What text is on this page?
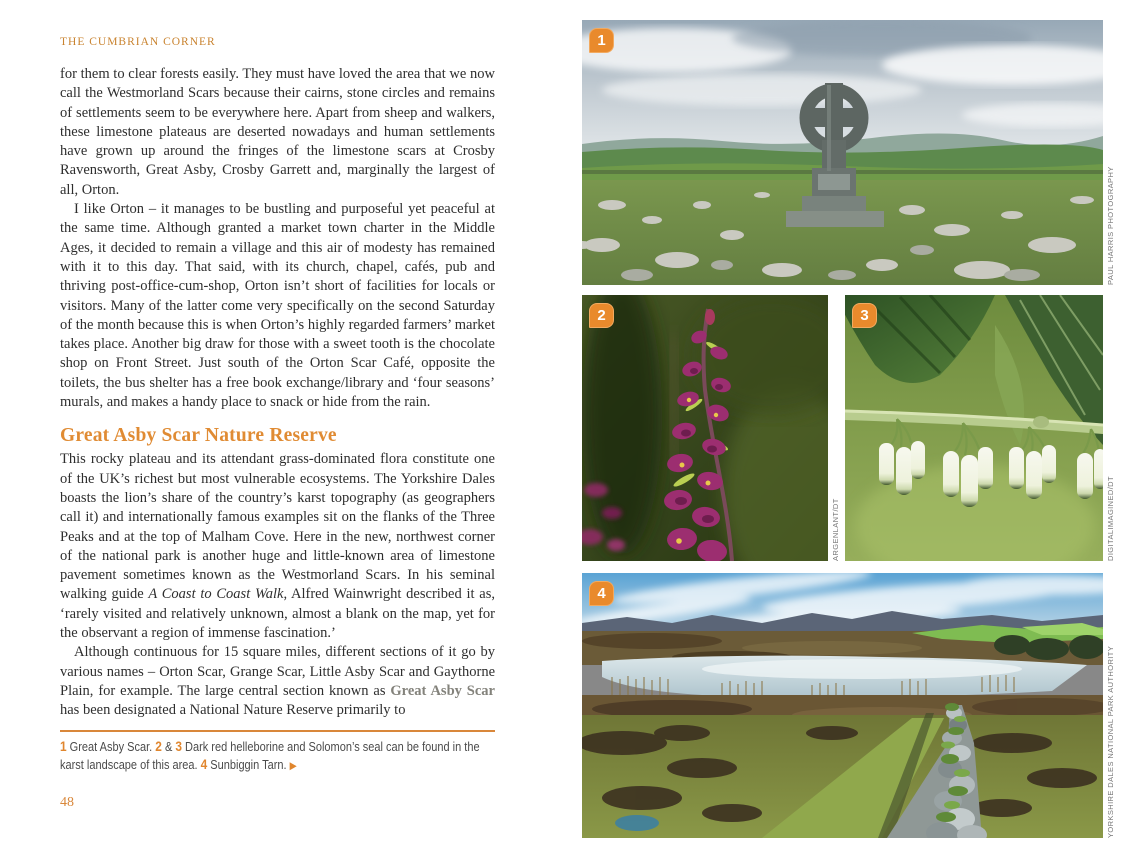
THE CUMBRIAN CORNER

for them to clear forests easily. They must have loved the area that we now call the Westmorland Scars because their cairns, stone circles and remains of settlements seem to be everywhere here. Apart from sheep and walkers, these limestone plateaus are deserted nowadays and human settlements have grown up around the fringes of the limestone scars at Crosby Ravensworth, Great Asby, Crosby Garrett and, marginally the largest of all, Orton.

I like Orton – it manages to be bustling and purposeful yet peaceful at the same time. Although granted a market town charter in the Middle Ages, it decided to remain a village and this air of modesty has remained with it to this day. That said, with its church, chapel, cafés, pub and thriving post-office-cum-shop, Orton isn’t short of facilities for locals or visitors. Many of the latter come very specifically on the second Saturday of the month because this is when Orton’s highly regarded farmers’ market takes place. Another big draw for those with a sweet tooth is the chocolate shop on Front Street. Just south of the Orton Scar Café, opposite the toilets, the bus shelter has a free book exchange/library and ‘four seasons’ murals, and makes a handy place to snack or hide from the rain.

Great Asby Scar Nature Reserve

This rocky plateau and its attendant grass-dominated flora constitute one of the UK’s richest but most vulnerable ecosystems. The Yorkshire Dales boasts the lion’s share of the country’s karst topography (as geographers call it) and internationally famous examples sit on the flanks of the Three Peaks and at the top of Malham Cove. Here in the new, northwest corner of the national park is another huge and little-known area of limestone pavement sometimes known as the Westmorland Scars. In his seminal walking guide A Coast to Coast Walk, Alfred Wainwright described it as, ‘rarely visited and relatively unknown, almost a blank on the map, yet for the observant a region of immense fascination.’

Although continuous for 15 square miles, different sections of it go by various names – Orton Scar, Grange Scar, Little Asby Scar and Gaythorne Plain, for example. The large central section known as Great Asby Scar has been designated a National Nature Reserve primarily to

1 Great Asby Scar. 2 & 3 Dark red helleborine and Solomon’s seal can be found in the karst landscape of this area. 4 Sunbiggin Tarn. ▶
48
1
PAUL HARRIS PHOTOGRAPHY
2
ARGENLANT/DT
3
DIGITALIMAGINED/DT
4
YORKSHIRE DALES NATIONAL PARK AUTHORITY
